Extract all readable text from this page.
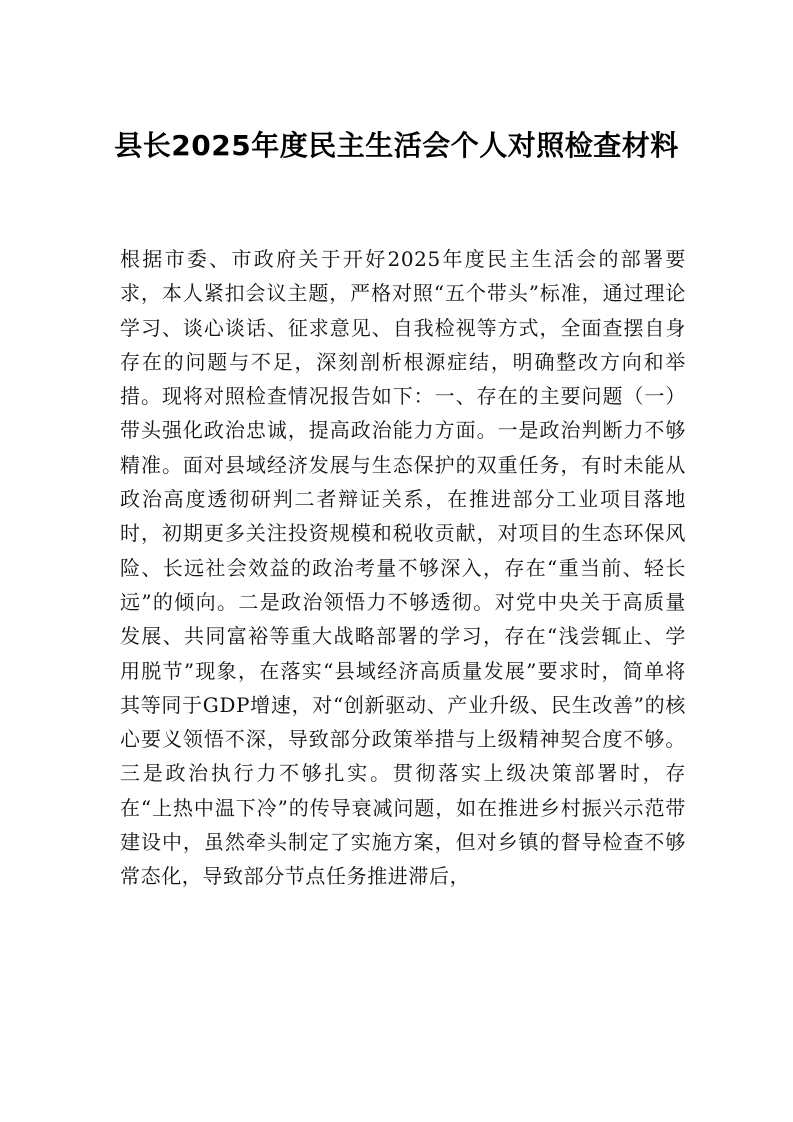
县长2025年度民主生活会个人对照检查材料

根据市委、市政府关于开好2025年度民主生活会的部署要求，本人紧扣会议主题，严格对照“五个带头”标准，通过理论学习、谈心谈话、征求意见、自我检视等方式，全面查摆自身存在的问题与不足，深刻剖析根源症结，明确整改方向和举措。现将对照检查情况报告如下：一、存在的主要问题（一）带头强化政治忠诚，提高政治能力方面。一是政治判断力不够精准。面对县域经济发展与生态保护的双重任务，有时未能从政治高度透彻研判二者辩证关系，在推进部分工业项目落地时，初期更多关注投资规模和税收贡献，对项目的生态环保风险、长远社会效益的政治考量不够深入，存在“重当前、轻长远”的倾向。二是政治领悟力不够透彻。对党中央关于高质量发展、共同富裕等重大战略部署的学习，存在“浅尝辄止、学用脱节”现象，在落实“县域经济高质量发展”要求时，简单将其等同于GDP增速，对“创新驱动、产业升级、民生改善”的核心要义领悟不深，导致部分政策举措与上级精神契合度不够。三是政治执行力不够扎实。贯彻落实上级决策部署时，存在“上热中温下冷”的传导衰减问题，如在推进乡村振兴示范带建设中，虽然牵头制定了实施方案，但对乡镇的督导检查不够常态化，导致部分节点任务推进滞后，
